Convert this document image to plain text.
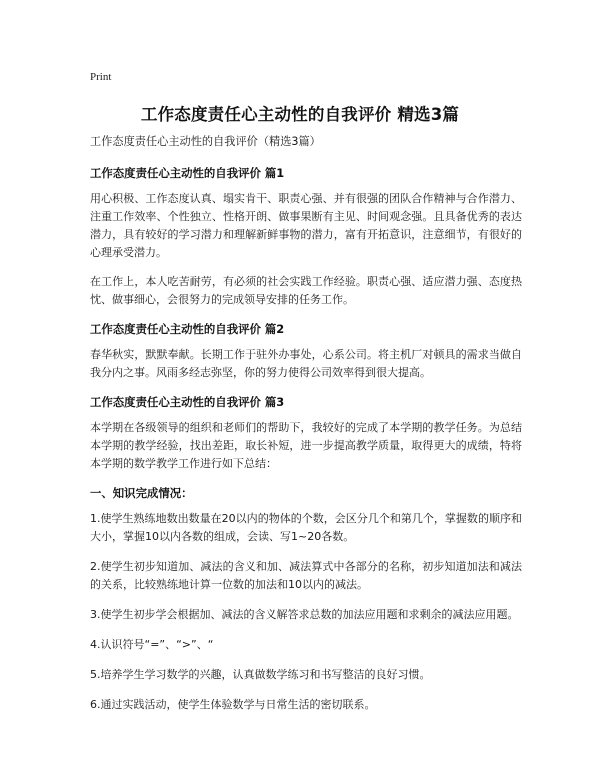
Print
工作态度责任心主动性的自我评价 精选3篇
工作态度责任心主动性的自我评价（精选3篇）
工作态度责任心主动性的自我评价 篇1

用心积极、工作态度认真、塌实肯干、职责心强、并有很强的团队合作精神与合作潜力、注重工作效率、个性独立、性格开朗、做事果断有主见、时间观念强。且具备优秀的表达潜力，具有较好的学习潜力和理解新鲜事物的潜力，富有开拓意识，注意细节，有很好的心理承受潜力。

在工作上，本人吃苦耐劳，有必须的社会实践工作经验。职责心强、适应潜力强、态度热忱、做事细心，会很努力的完成领导安排的任务工作。

工作态度责任心主动性的自我评价 篇2

春华秋实，默默奉献。长期工作于驻外办事处，心系公司。将主机厂对顿具的需求当做自我分内之事。风雨多经志弥坚，你的努力使得公司效率得到很大提高。

工作态度责任心主动性的自我评价 篇3

本学期在各级领导的组织和老师们的帮助下，我较好的完成了本学期的教学任务。为总结本学期的教学经验，找出差距，取长补短，进一步提高教学质量，取得更大的成绩，特将本学期的数学教学工作进行如下总结：

一、知识完成情况：

1.使学生熟练地数出数量在20以内的物体的个数，会区分几个和第几个，掌握数的顺序和大小，掌握10以内各数的组成，会读、写1~20各数。

2.使学生初步知道加、减法的含义和加、减法算式中各部分的名称，初步知道加法和减法的关系，比较熟练地计算一位数的加法和10以内的减法。

3.使学生初步学会根据加、减法的含义解答求总数的加法应用题和求剩余的减法应用题。

4.认识符号“=”、“>”、“

5.培养学生学习数学的兴趣，认真做数学练习和书写整洁的良好习惯。

6.通过实践活动，使学生体验数学与日常生活的密切联系。
